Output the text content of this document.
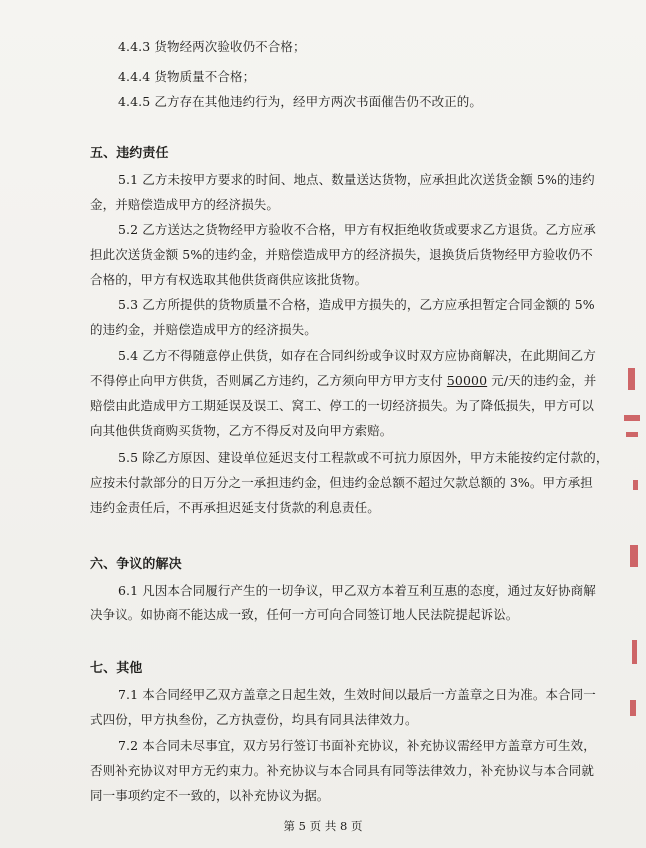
4.4.3 货物经两次验收仍不合格；
4.4.4 货物质量不合格；
4.4.5 乙方存在其他违约行为，经甲方两次书面催告仍不改正的。
五、违约责任
5.1 乙方未按甲方要求的时间、地点、数量送达货物，应承担此次送货金额 5%的违约
金，并赔偿造成甲方的经济损失。
5.2 乙方送达之货物经甲方验收不合格，甲方有权拒绝收货或要求乙方退货。乙方应承
担此次送货金额 5%的违约金，并赔偿造成甲方的经济损失，退换货后货物经甲方验收仍不
合格的，甲方有权选取其他供货商供应该批货物。
5.3 乙方所提供的货物质量不合格，造成甲方损失的，乙方应承担暂定合同金额的 5%
的违约金，并赔偿造成甲方的经济损失。
5.4 乙方不得随意停止供货，如存在合同纠纷或争议时双方应协商解决，在此期间乙方
不得停止向甲方供货，否则属乙方违约，乙方须向甲方甲方支付 50000 元/天的违约金，并
赔偿由此造成甲方工期延误及误工、窝工、停工的一切经济损失。为了降低损失，甲方可以
向其他供货商购买货物，乙方不得反对及向甲方索赔。
5.5 除乙方原因、建设单位延迟支付工程款或不可抗力原因外，甲方未能按约定付款的，
应按未付款部分的日万分之一承担违约金，但违约金总额不超过欠款总额的 3%。甲方承担
违约金责任后，不再承担迟延支付货款的利息责任。
六、争议的解决
6.1 凡因本合同履行产生的一切争议，甲乙双方本着互利互惠的态度，通过友好协商解
决争议。如协商不能达成一致，任何一方可向合同签订地人民法院提起诉讼。
七、其他
7.1 本合同经甲乙双方盖章之日起生效，生效时间以最后一方盖章之日为准。本合同一
式四份，甲方执叁份，乙方执壹份，均具有同具法律效力。
7.2 本合同未尽事宜，双方另行签订书面补充协议，补充协议需经甲方盖章方可生效，
否则补充协议对甲方无约束力。补充协议与本合同具有同等法律效力，补充协议与本合同就
同一事项约定不一致的，以补充协议为据。
第 5 页 共 8 页
